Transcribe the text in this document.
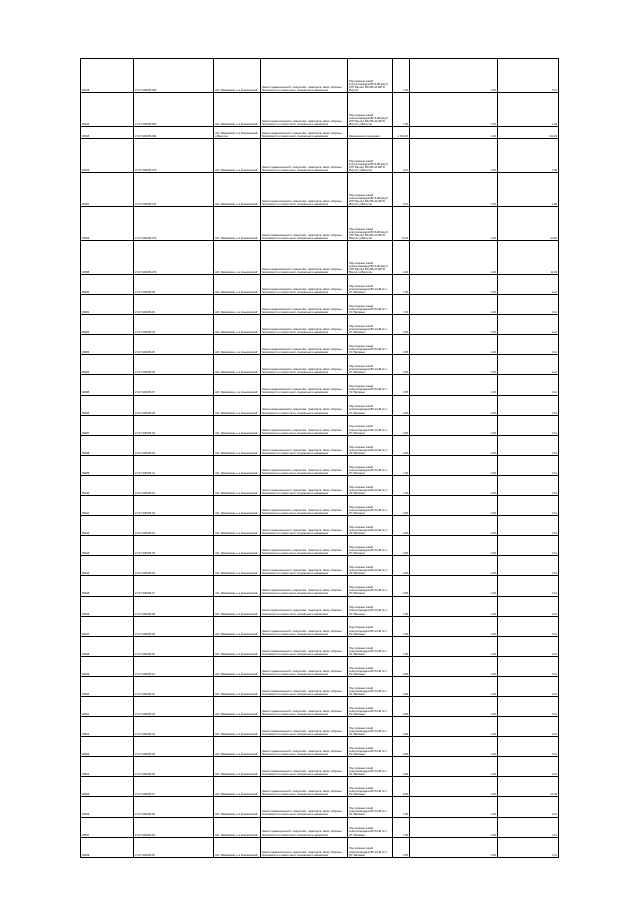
00168	27-07-000045-363	обл. Ивановская, р-н Кинешемский	Земли промышленности, энергетики, транспорта, связи, обороны, безопасности и земли иного специального назначения	Под опорные линий электропередачи ВЛ-6 кВ фид.6 КТП 'Ваутин' ВЛ-035-10 кВ ПС 'Ваутин'	7,00	0,20	5,07
00494	27-07-000045-359	обл. Ивановская, р-н Кинешемский	Земли промышленности, энергетики, транспорта, связи, обороны, безопасности и земли иного специального назначения	Под опорные линий электропередачи ВЛ-6 кВ фид.6 КТП 'Ваутин' ВЛ-035-10 кВ ПС 'Ваутин' д.Вашутин	7,00	0,20	1,94
00495	27-07-000045-394	обл. Ивановская, р-н Кинешемский, д.Вашутин	Земли промышленности, энергетики, транспорта, связи, обороны, безопасности и земли иного специального назначения	Размещение сооружения	1 661,00	0,00	142,29
00005	37-07-000045-370	обл. Ивановская, р-н Кинешемский	Земли промышленности, энергетики, транспорта, связи, обороны, безопасности и земли иного специального назначения	Под опорные линий электропередачи ВЛ-6 кВ фид.6 КТП 'Ваутин' ВЛ-035-10 кВ ПС 'Ваутин' д.Вашутин	0,10	0,20	1,56
00007	37-07-000045-371	обл. Ивановская, р-н Кинешемский	Земли промышленности, энергетики, транспорта, связи, обороны, безопасности и земли иного специального назначения	Под опорные линий электропередачи ВЛ-6 кВ фид.6 КТП 'Ваутин' ВЛ-035-10 кВ ПС 'Ваутин' д.Вашутин	0,10	0,20	1,56
00053	27-07-000045-372	обл. Ивановская, р-н Кинешемский	Земли промышленности, энергетики, транспорта, связи, обороны, безопасности и земли иного специального назначения	Под опорные линий электропередачи ВЛ-6 кВ фид.6 КТП 'Ваутин' ВЛ-035-10 кВ ПС 'Ваутин' д.Вашутин	10,00	2,20	24,60
00058	27-07-000045-373	обл. Ивановская, р-н Кинешемский	Земли промышленности, энергетики, транспорта, связи, обороны, безопасности и земли иного специального назначения	Под опорные линий электропередачи ВЛ-6 кВ фид.6 КТП 'Ваутин' ВЛ-035-10 кВ ПС 'Ваутин' д.Вашутин	4,00	2,20	11,09
00480	27-07-000045-38	обл. Ивановская, р-н Кинешемский	Земли промышленности, энергетики, транспорта, связи, обороны, безопасности и земли иного специального назначения	Под опорные линий электропередачи ВЛ-10 кВ № 1 ПС 'Батманы'	7,00	0,20	0,11
00481	27-07-000045-39	обл. Ивановская, р-н Кинешемский	Земли промышленности, энергетики, транспорта, связи, обороны, безопасности и земли иного специального назначения	Под опорные линий электропередачи ВЛ-10 кВ № 1 ПС 'Батманы'	7,00	0,20	0,11
00482	27-07-000045-34	обл. Ивановская, р-н Кинешемский	Земли промышленности, энергетики, транспорта, связи, обороны, безопасности и земли иного специального назначения	Под опорные линий электропередачи ВЛ-10 кВ № 1 ПС 'Батманы'	0,05	0,20	0,11
00483	27-07-000045-35	обл. Ивановская, р-н Кинешемский	Земли промышленности, энергетики, транспорта, связи, обороны, безопасности и земли иного специального назначения	Под опорные линий электропередачи ВЛ-10 кВ № 1 ПС 'Батманы'	0,05	0,20	0,11
00484	27-07-000045-36	обл. Ивановская, р-н Кинешемский	Земли промышленности, энергетики, транспорта, связи, обороны, безопасности и земли иного специального назначения	Под опорные линий электропередачи ВЛ-10 кВ № 1 ПС 'Батманы'	0,05	0,20	0,11
00485	27-07-000045-37	обл. Ивановская, р-н Кинешемский	Земли промышленности, энергетики, транспорта, связи, обороны, безопасности и земли иного специального назначения	Под опорные линий электропередачи ВЛ-10 кВ № 1 ПС 'Батманы'	0,05	0,20	0,11
00486	27-07-000045-38	обл. Ивановская, р-н Кинешемский	Земли промышленности, энергетики, транспорта, связи, обороны, безопасности и земли иного специального назначения	Под опорные линий электропередачи ВЛ-10 кВ № 1 ПС 'Батманы'	0,05	0,20	0,11
00487	27-07-000045-39	обл. Ивановская, р-н Кинешемский	Земли промышленности, энергетики, транспорта, связи, обороны, безопасности и земли иного специального назначения	Под опорные линий электропередачи ВЛ-10 кВ № 1 ПС 'Батманы'	0,05	2,20	0,11
00488	27-07-000045-30	обл. Ивановская, р-н Кинешемский	Земли промышленности, энергетики, транспорта, связи, обороны, безопасности и земли иного специального назначения	Под опорные линий электропередачи ВЛ-10 кВ № 1 ПС 'Батманы'	0,05	0,20	0,11
00489	27-07-000045-31	обл. Ивановская, р-н Кинешемский	Земли промышленности, энергетики, транспорта, связи, обороны, безопасности и земли иного специального назначения	Под опорные линий электропередачи ВЛ-10 кВ № 1 ПС 'Батманы'	7,00	0,20	0,11
00490	27-07-000045-32	обл. Ивановская, р-н Кинешемский	Земли промышленности, энергетики, транспорта, связи, обороны, безопасности и земли иного специального назначения	Под опорные линий электропередачи ВЛ-10 кВ № 1 ПС 'Батманы'	7,00	0,20	0,11
00491	27-07-000045-33	обл. Ивановская, р-н Кинешемский	Земли промышленности, энергетики, транспорта, связи, обороны, безопасности и земли иного специального назначения	Под опорные линий электропередачи ВЛ-10 кВ № 1 ПС 'Батманы'	0,05	0,20	0,11
00492	27-07-000045-34	обл. Ивановская, р-н Кинешемский	Земли промышленности, энергетики, транспорта, связи, обороны, безопасности и земли иного специального назначения	Под опорные линий электропередачи ВЛ-10 кВ № 1 ПС 'Батманы'	0,05	0,20	0,11
00493	27-07-000045-35	обл. Ивановская, р-н Кинешемский	Земли промышленности, энергетики, транспорта, связи, обороны, безопасности и земли иного специального назначения	Под опорные линий электропередачи ВЛ-10 кВ № 1 ПС 'Батманы'	0,05	0,20	0,11
00494	27-07-000045-36	обл. Ивановская, р-н Кинешемский	Земли промышленности, энергетики, транспорта, связи, обороны, безопасности и земли иного специального назначения	Под опорные линий электропередачи ВЛ-10 кВ № 1 ПС 'Батманы'	0,05	2,20	0,11
00495	27-07-000045-37	обл. Ивановская, р-н Кинешемский	Земли промышленности, энергетики, транспорта, связи, обороны, безопасности и земли иного специального назначения	Под опорные линий электропередачи ВЛ-10 кВ № 1 ПС 'Батманы'	0,05	2,20	0,11
00496	27-07-000045-38	обл. Ивановская, р-н Кинешемский	Земли промышленности, энергетики, транспорта, связи, обороны, безопасности и земли иного специального назначения	Под опорные линий электропередачи ВЛ-10 кВ № 1 ПС 'Батманы'	7,00	2,20	0,11
00497	27-07-000045-39	обл. Ивановская, р-н Кинешемский	Земли промышленности, энергетики, транспорта, связи, обороны, безопасности и земли иного специального назначения	Под опорные линий электропередачи ВЛ-10 кВ № 1 ПС 'Батманы'	7,00	0,20	0,11
00498	27-07-000045-40	обл. Ивановская, р-н Кинешемский	Земли промышленности, энергетики, транспорта, связи, обороны, безопасности и земли иного специального назначения	Под опорные линий электропередачи ВЛ-10 кВ № 1 ПС 'Батманы'	7,00	0,20	0,11
00499	27-07-000045-41	обл. Ивановская, р-н Кинешемский	Земли промышленности, энергетики, транспорта, связи, обороны, безопасности и земли иного специального назначения	Под опорные линий электропередачи ВЛ-10 кВ № 1 ПС 'Батманы'	0,05	0,20	0,11
00500	27-07-000045-42	обл. Ивановская, р-н Кинешемский	Земли промышленности, энергетики, транспорта, связи, обороны, безопасности и земли иного специального назначения	Под опорные линий электропередачи ВЛ-10 кВ № 1 ПС 'Батманы'	0,05	0,20	0,11
00501	27-07-000045-43	обл. Ивановская, р-н Кинешемский	Земли промышленности, энергетики, транспорта, связи, обороны, безопасности и земли иного специального назначения	Под опорные линий электропередачи ВЛ-10 кВ № 1 ПС 'Батманы'	0,05	0,20	0,11
00502	27-07-000045-44	обл. Ивановская, р-н Кинешемский	Земли промышленности, энергетики, транспорта, связи, обороны, безопасности и земли иного специального назначения	Под опорные линий электропередачи ВЛ-10 кВ № 1 ПС 'Батманы'	0,05	0,20	0,11
00503	27-07-000045-45	обл. Ивановская, р-н Кинешемский	Земли промышленности, энергетики, транспорта, связи, обороны, безопасности и земли иного специального назначения	Под опорные линий электропередачи ВЛ-10 кВ № 1 ПС 'Батманы'	0,05	2,20	0,11
00504	27-07-000045-46	обл. Ивановская, р-н Кинешемский	Земли промышленности, энергетики, транспорта, связи, обороны, безопасности и земли иного специального назначения	Под опорные линий электропередачи ВЛ-10 кВ № 1 ПС 'Батманы'	0,05	2,20	0,11
00505	27-07-000045-47	обл. Ивановская, р-н Кинешемский	Земли промышленности, энергетики, транспорта, связи, обороны, безопасности и земли иного специального назначения	Под опорные линий электропередачи ВЛ-10 кВ № 1 ПС 'Батманы'	9,40	0,20	21,09
00506	27-07-000045-48	обл. Ивановская, р-н Кинешемский	Земли промышленности, энергетики, транспорта, связи, обороны, безопасности и земли иного специального назначения	Под опорные линий электропередачи ВЛ-10 кВ № 1 ПС 'Батманы'	7,00	0,20	0,11
00507	27-07-000045-49	обл. Ивановская, р-н Кинешемский	Земли промышленности, энергетики, транспорта, связи, обороны, безопасности и земли иного специального назначения	Под опорные линий электропередачи ВЛ-10 кВ № 1 ПС 'Батманы'	7,00	0,20	0,11
00508	27-07-000045-50	обл. Ивановская, р-н Кинешемский	Земли промышленности, энергетики, транспорта, связи, обороны, безопасности и земли иного специального назначения	Под опорные линий электропередачи ВЛ-10 кВ № 1 ПС 'Батманы'	0,05	0,20	0,11
